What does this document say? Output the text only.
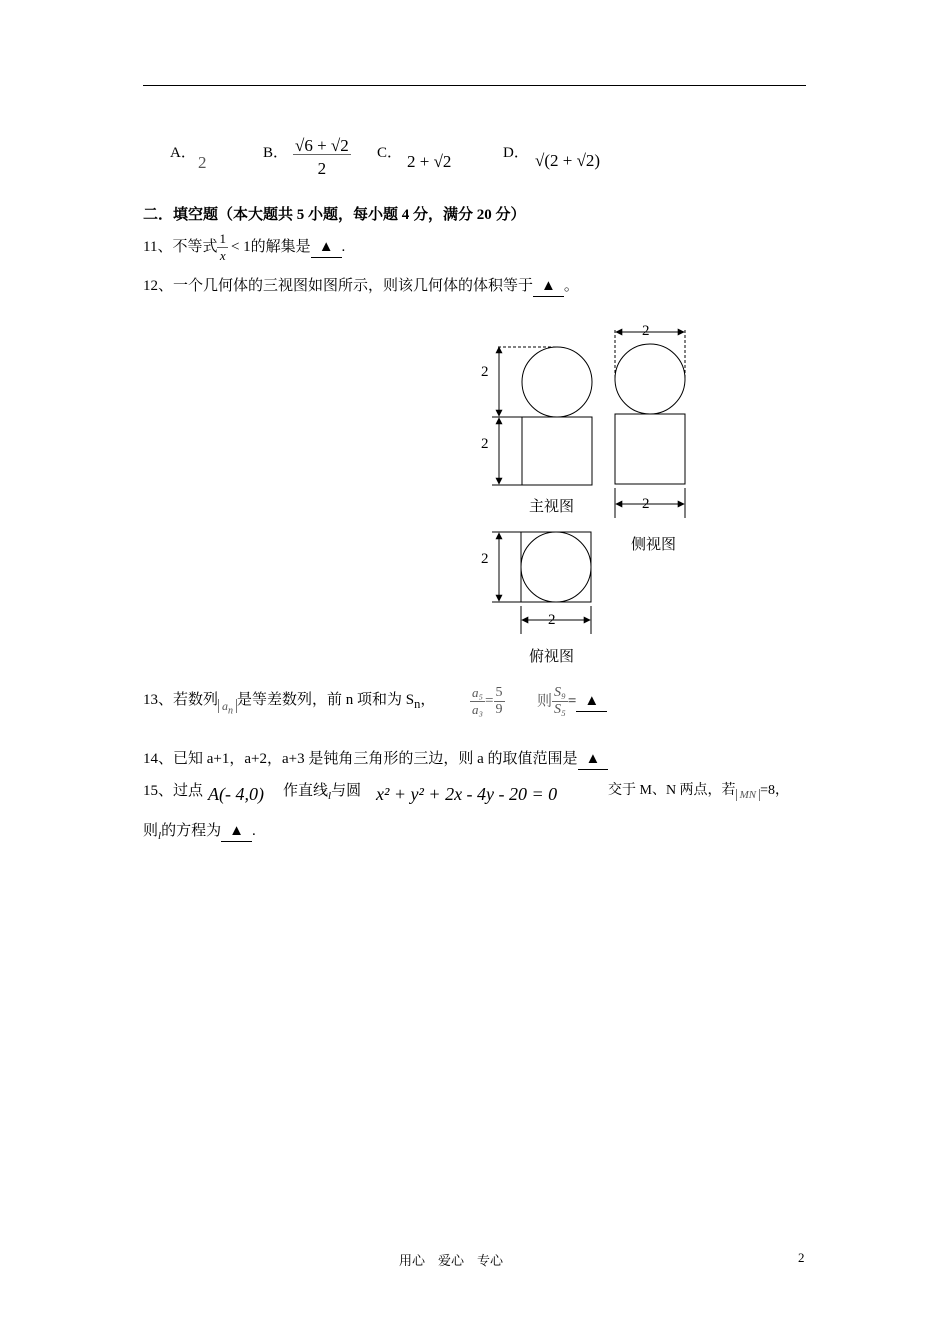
A． 2	B． $\frac{√6 + √2}{2}$ C． 2 + √2	D． √(2 + √2)
二．填空题（本大题共 5 小题，每小题 4 分，满分 20 分）
11、不等式 $\frac{1}{x} < 1$的解集是 ▲ .
12、一个几何体的三视图如图所示，则该几何体的体积等于 ▲ 。
2
2
2
2
2
2
主视图
侧视图
俯视图
13、若数列 $_{a_n}$是等差数列，前 n 项和为 $S_n$，	$\frac{\text{a₅}}{\text{a₃}} = \frac{5}{9}$ 则 $\frac{\text{S₉}}{\text{S₅}}$ = ▲
14、已知 a+1，a+2，a+3 是钝角三角形的三边，则 a 的取值范围是 ▲
15、过点 A(- 4,0) 作直线$_l$与圆 x² + y² + 2x - 4y - 20 = 0	交于 M、N 两点，若 $_{MN}$ =8，
则$_l$的方程为 ▲ .
用心　爱心　专心	2
